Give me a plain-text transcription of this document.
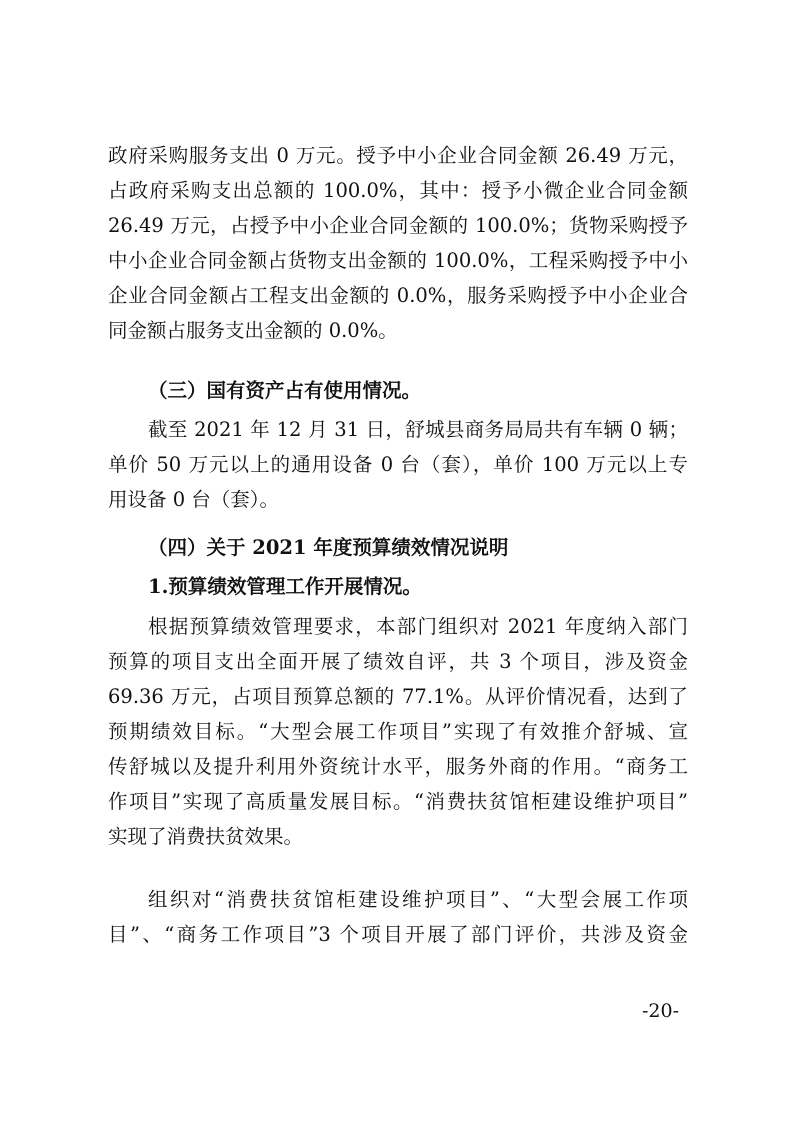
政府采购服务支出 0 万元。授予中小企业合同金额 26.49 万元，
占政府采购支出总额的 100.0%，其中：授予小微企业合同金额
26.49 万元，占授予中小企业合同金额的 100.0%；货物采购授予
中小企业合同金额占货物支出金额的 100.0%，工程采购授予中小
企业合同金额占工程支出金额的 0.0%，服务采购授予中小企业合
同金额占服务支出金额的 0.0%。
（三）国有资产占有使用情况。
截至 2021 年 12 月 31 日，舒城县商务局局共有车辆 0 辆；
单价 50 万元以上的通用设备 0 台（套），单价 100 万元以上专
用设备 0 台（套）。
（四）关于 2021 年度预算绩效情况说明
1.预算绩效管理工作开展情况。
根据预算绩效管理要求，本部门组织对 2021 年度纳入部门
预算的项目支出全面开展了绩效自评，共 3 个项目，涉及资金
69.36 万元，占项目预算总额的 77.1%。从评价情况看，达到了
预期绩效目标。“大型会展工作项目”实现了有效推介舒城、宣
传舒城以及提升利用外资统计水平，服务外商的作用。“商务工
作项目”实现了高质量发展目标。“消费扶贫馆柜建设维护项目”
实现了消费扶贫效果。
组织对“消费扶贫馆柜建设维护项目”、“大型会展工作项
目”、“商务工作项目”3 个项目开展了部门评价，共涉及资金
-20-
